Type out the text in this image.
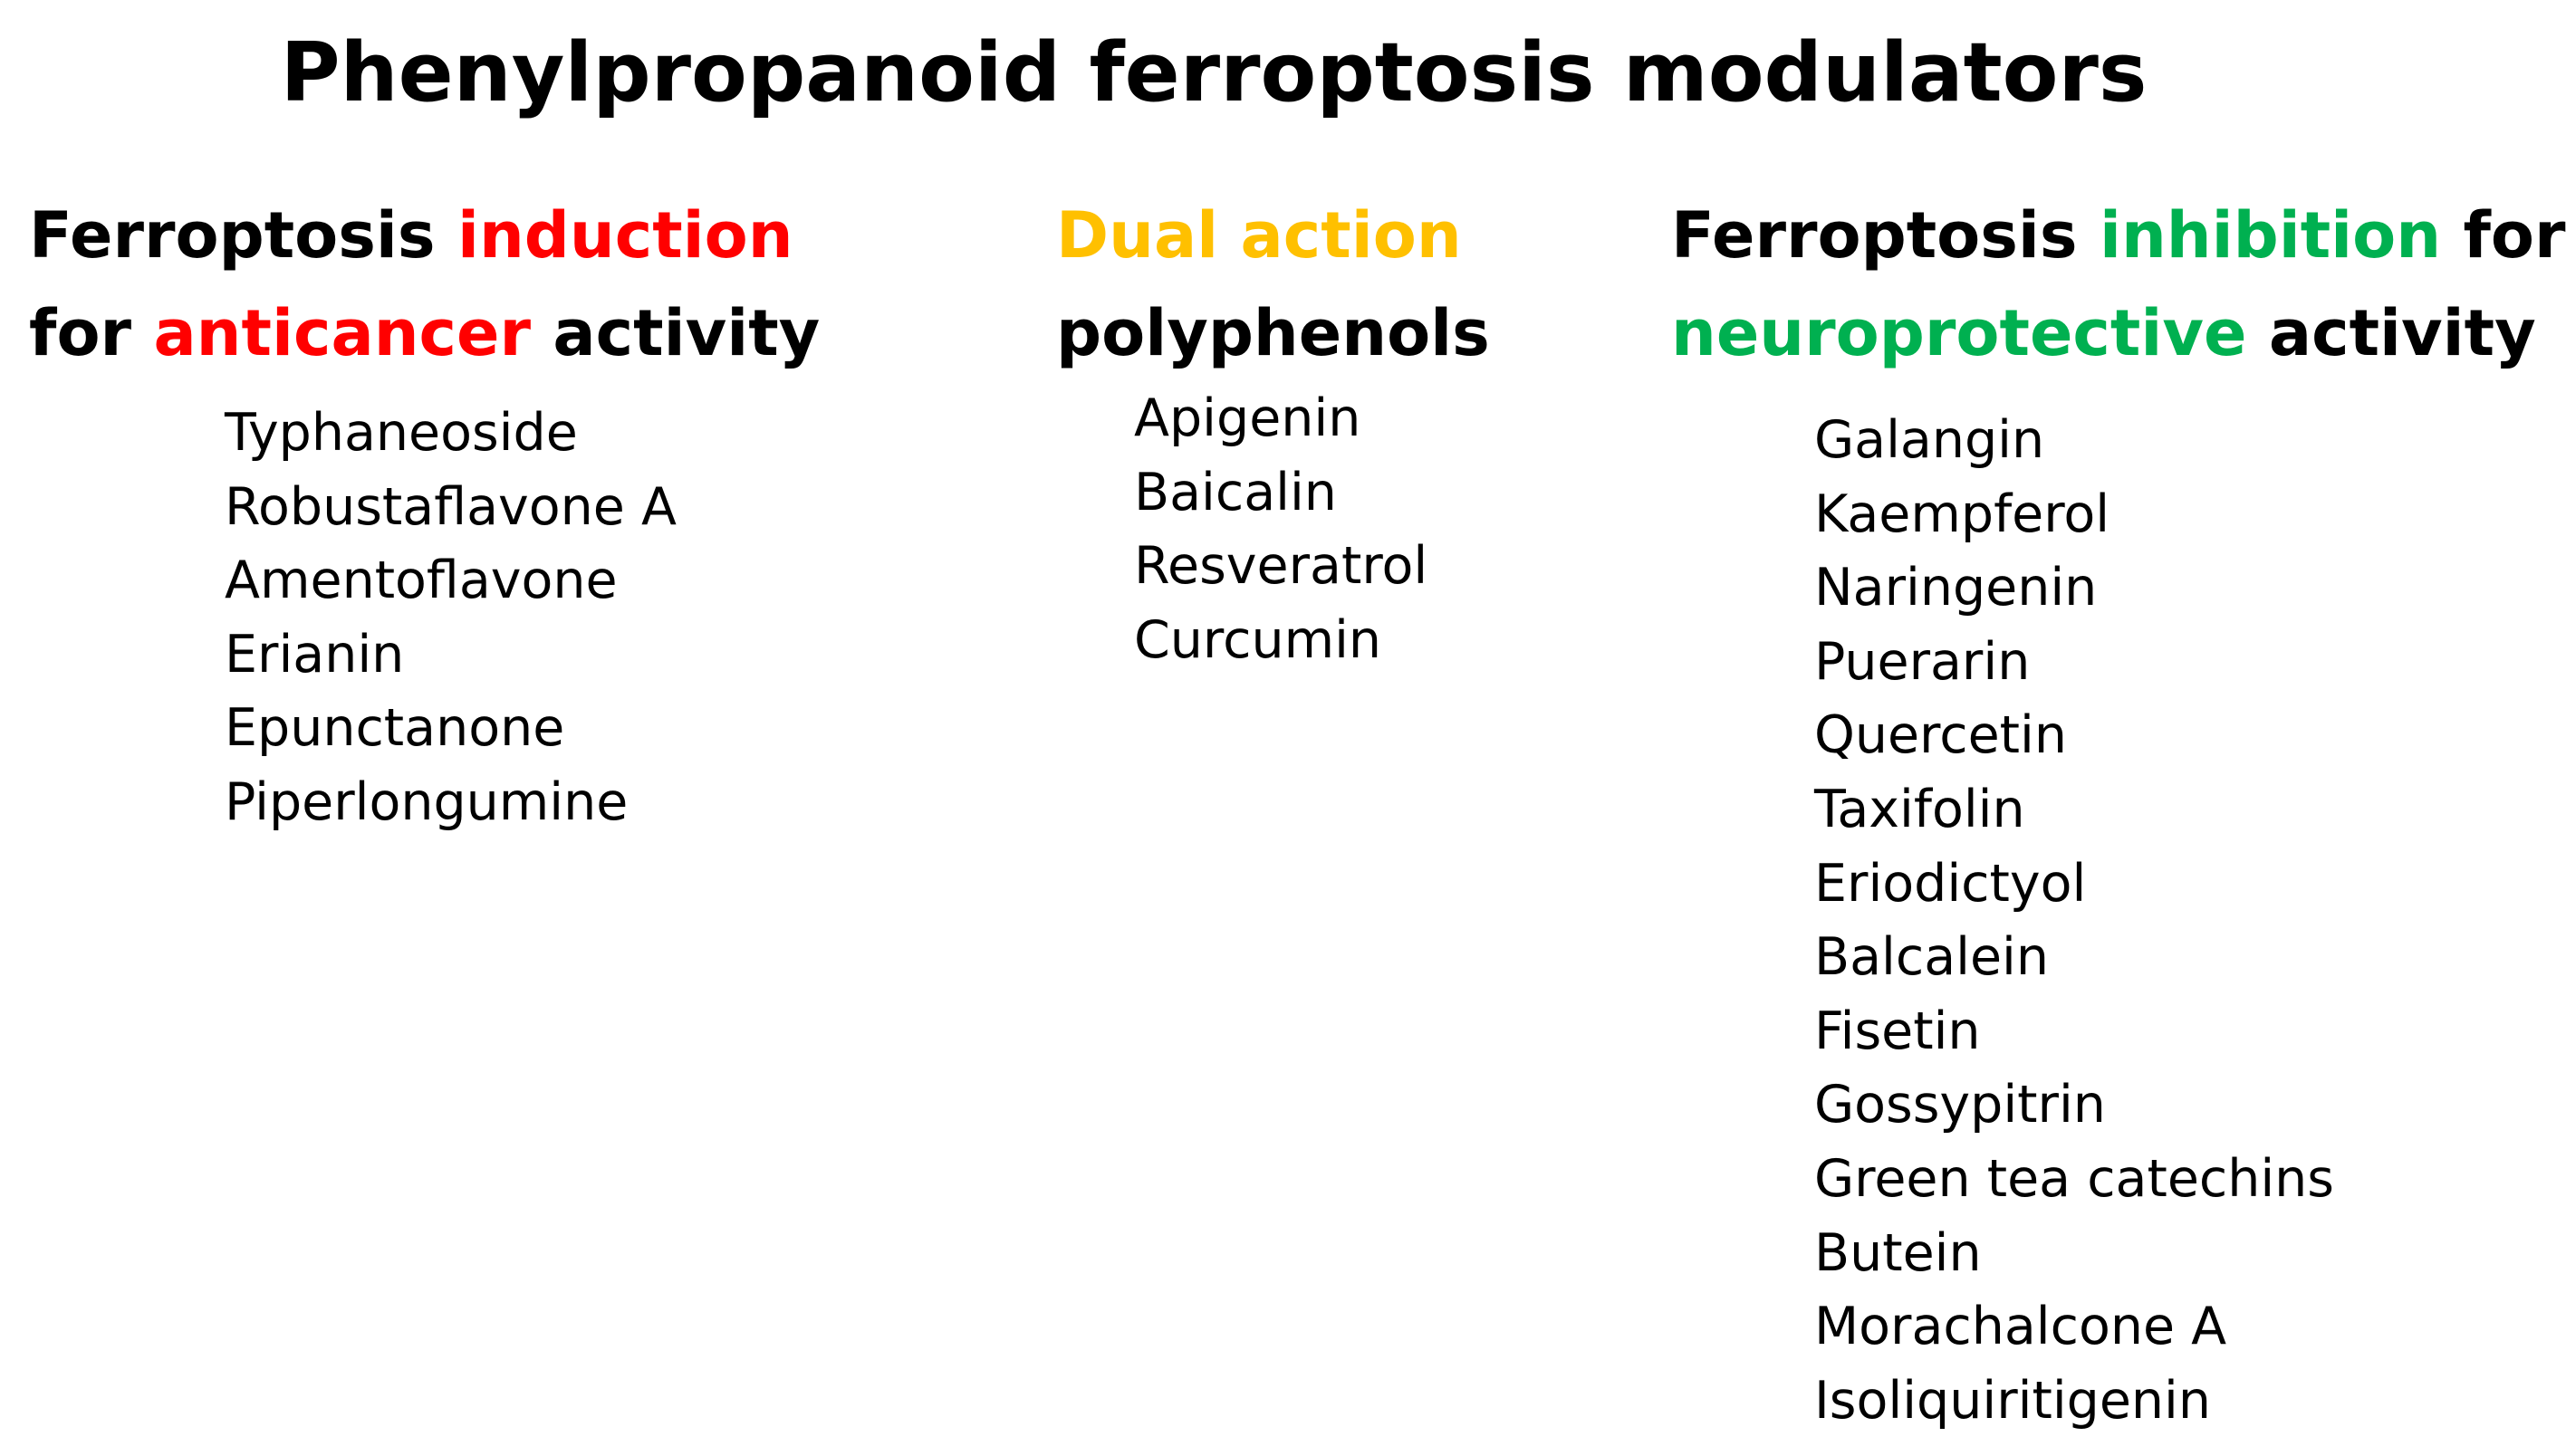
Phenylpropanoid ferroptosis modulators
Ferroptosis induction
for anticancer activity
Typhaneoside
Robustaflavone A
Amentoflavone
Erianin
Epunctanone
Piperlongumine
Dual action
polyphenols
Apigenin
Baicalin
Resveratrol
Curcumin
Ferroptosis inhibition for
neuroprotective activity
Galangin
Kaempferol
Naringenin
Puerarin
Quercetin
Taxifolin
Eriodictyol
Balcalein
Fisetin
Gossypitrin
Green tea catechins
Butein
Morachalcone A
Isoliquiritigenin
